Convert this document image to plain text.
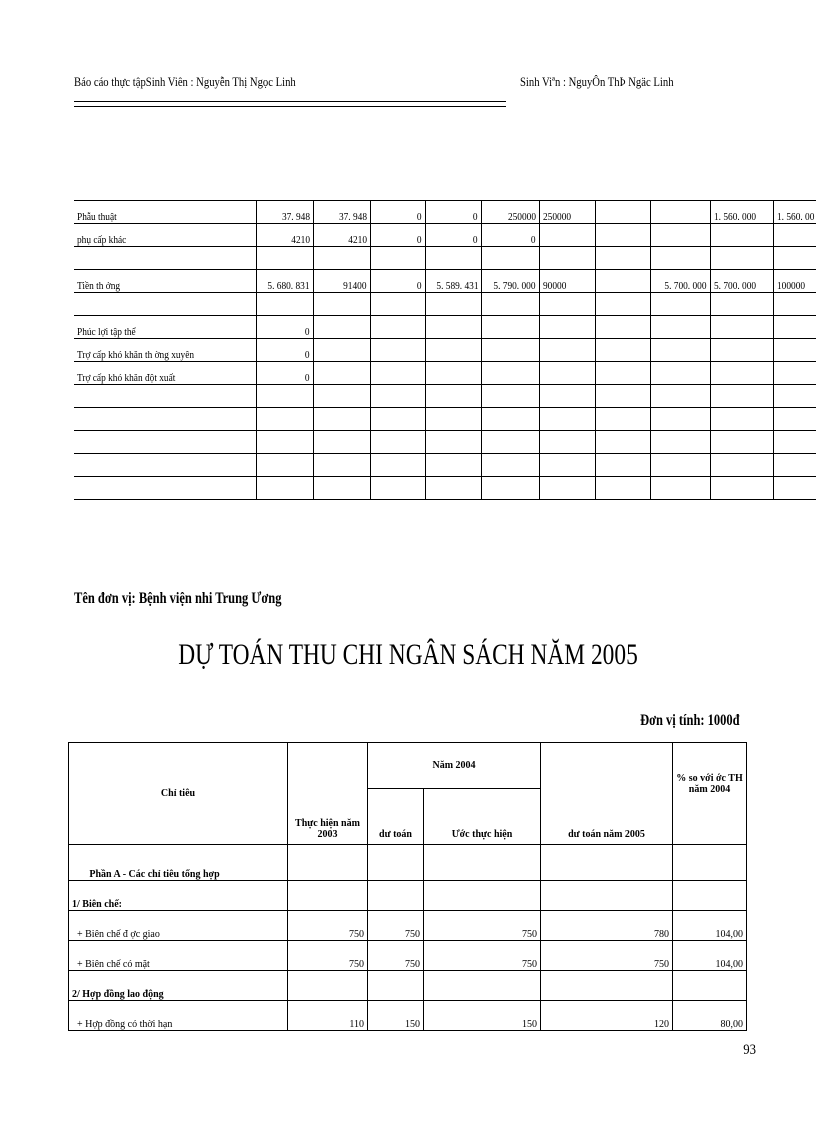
Báo cáo thực tậpSinh Viên : Nguyễn Thị Ngọc Linh	Sinh Viªn : NguyÔn ThÞ Ngäc Linh
Phẫu thuật	37. 948	37. 948	0	0	250000	250000			1. 560. 000	1. 560. 00
phụ cấp khác	4210	4210	0	0	0					

Tiền th ởng	5. 680. 831	91400	0	5. 589. 431	5. 790. 000	90000		5. 700. 000	5. 700. 000	100000

Phúc lợi tập thể	0									
Trợ cấp khó khăn th ờng xuyên	0									
Trợ cấp khó khăn đột xuất	0									

Tên đơn vị: Bệnh viện nhi Trung Ương
DỰ TOÁN THU CHI NGÂN SÁCH NĂM 2005
Đơn vị tính: 1000đ
Chỉ tiêu	Thực hiện năm 2003	Năm 2004		dư toán năm 2005	% so với ớc TH năm 2004
		dư toán	Ước thực hiện		
Phần A - Các chỉ tiêu tổng hợp					
1/ Biên chế:					
+ Biên chế đ ợc giao	750	750	750	780	104,00
+ Biên chế có mặt	750	750	750	750	104,00
2/ Hợp đồng lao động					
+ Hợp đồng có thời hạn	110	150	150	120	80,00
93
